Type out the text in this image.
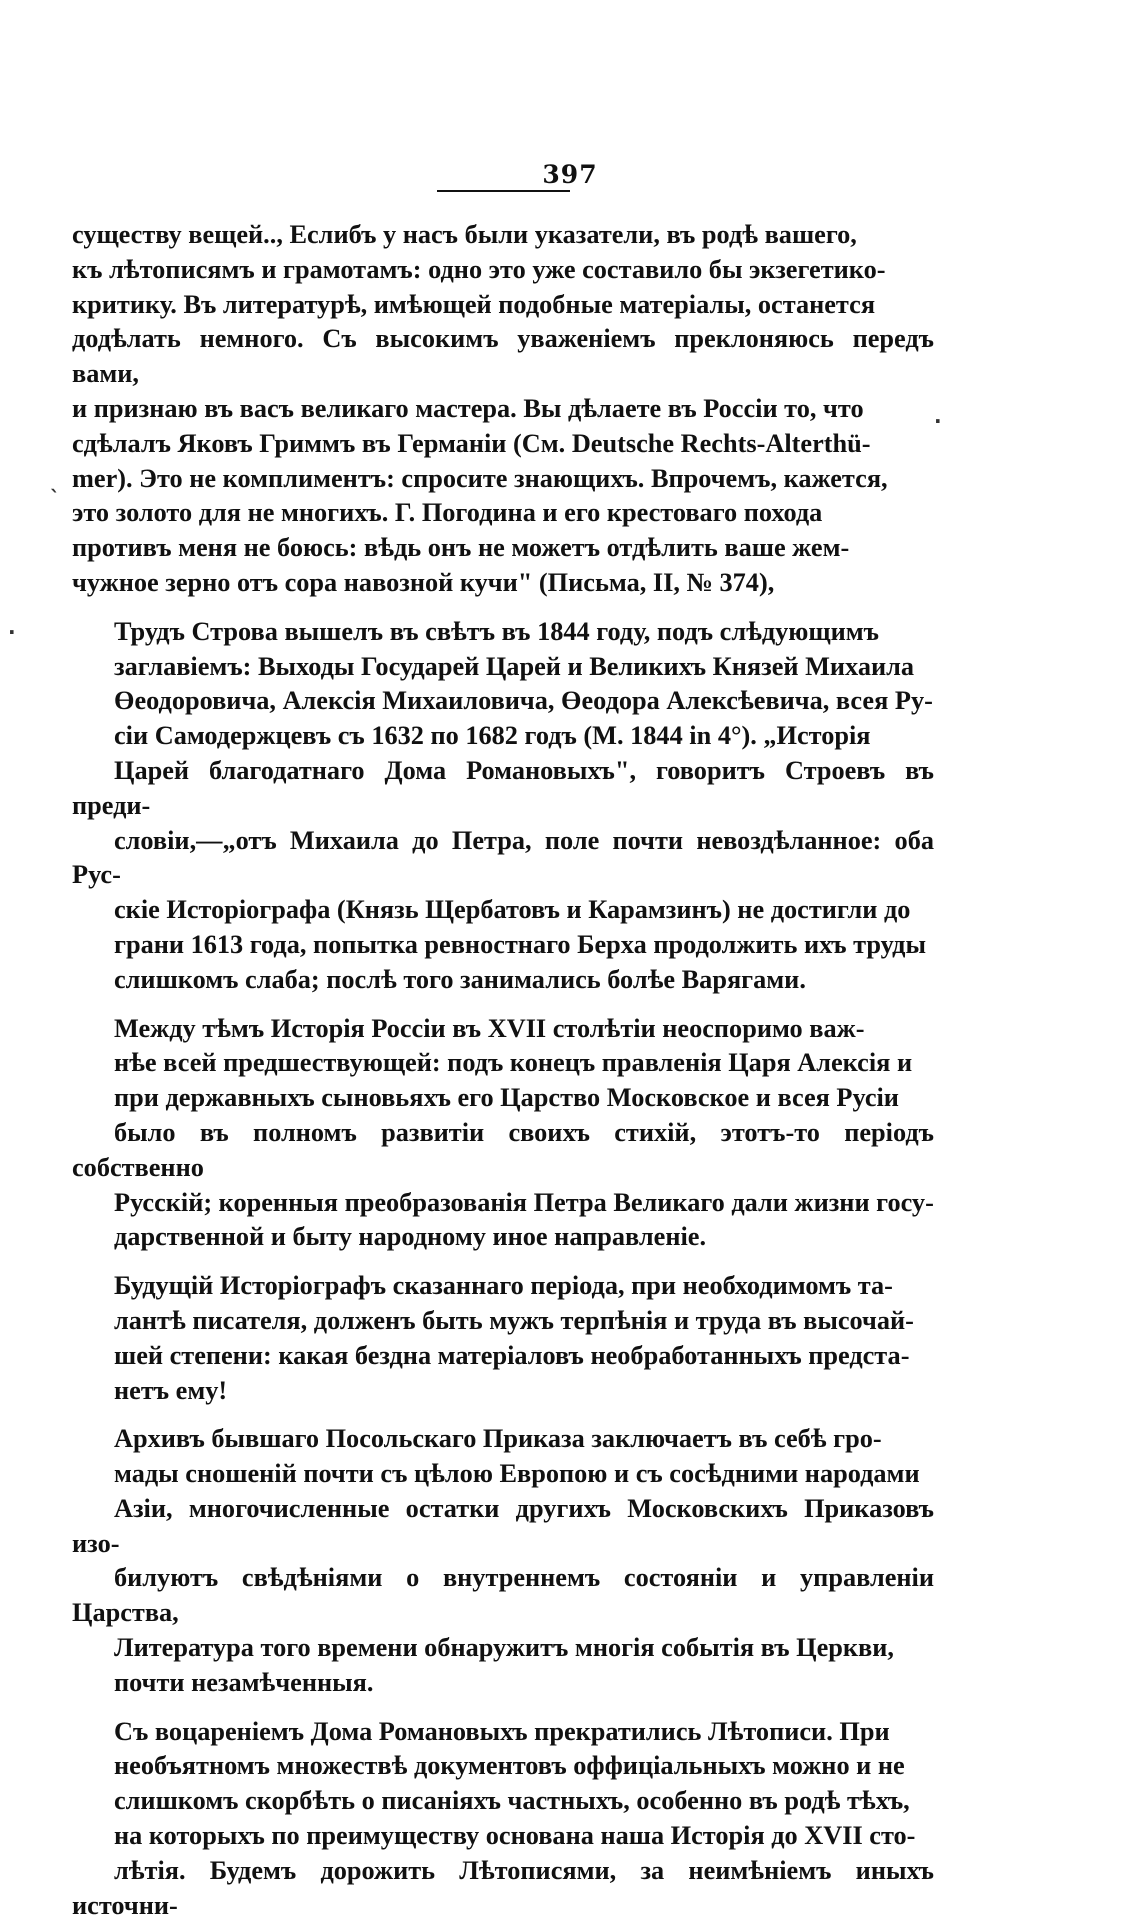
397

существу вещей.., Еслибъ у насъ были указатели, въ родѣ вашего,
къ лѣтописямъ и грамотамъ: одно это уже составило бы экзегетико-
критику. Въ литературѣ, имѣющей подобные матеріалы, останется
додѣлать немного. Съ высокимъ уваженіемъ преклоняюсь передъ вами,
и признаю въ васъ великаго мастера. Вы дѣлаете въ Россіи то, что
сдѣлалъ Яковъ Гриммъ въ Германіи (См. Deutsche Rechts-Alterthü-
mer). Это не комплиментъ: спросите знающихъ. Впрочемъ, кажется,
это золото для не многихъ. Г. Погодина и его крестоваго похода
противъ меня не боюсь: вѣдь онъ не можетъ отдѣлить ваше жем-
чужное зерно отъ сора навозной кучи" (Письма, II, № 374),

Трудъ Строва вышелъ въ свѣтъ въ 1844 году, подъ слѣдующимъ
заглавіемъ: Выходы Государей Царей и Великихъ Князей Михаила
Өеодоровича, Алексія Михаиловича, Өеодора Алексѣевича, всея Ру-
сіи Самодержцевъ съ 1632 по 1682 годъ (М. 1844 in 4°). „Исторія
Царей благодатнаго Дома Романовыхъ", говоритъ Строевъ въ преди-
словіи,—„отъ Михаила до Петра, поле почти невоздѣланное: оба Рус-
скіе Исторіографа (Князь Щербатовъ и Карамзинъ) не достигли до
грани 1613 года, попытка ревностнаго Берха продолжить ихъ труды
слишкомъ слаба; послѣ того занимались болѣе Варягами.

Между тѣмъ Исторія Россіи въ XVII столѣтіи неоспоримо важ-
нѣе всей предшествующей: подъ конецъ правленія Царя Алексія и
при державныхъ сыновьяхъ его Царство Московское и всея Русіи
было въ полномъ развитіи своихъ стихій, этотъ-то періодъ собственно
Русскій; коренныя преобразованія Петра Великаго дали жизни госу-
дарственной и быту народному иное направленіе.

Будущій Исторіографъ сказаннаго періода, при необходимомъ та-
лантѣ писателя, долженъ быть мужъ терпѣнія и труда въ высочай-
шей степени: какая бездна матеріаловъ необработанныхъ предста-
нетъ ему!

Архивъ бывшаго Посольскаго Приказа заключаетъ въ себѣ гро-
мады сношеній почти съ цѣлою Европою и съ сосѣдними народами
Азіи, многочисленные остатки другихъ Московскихъ Приказовъ изо-
билуютъ свѣдѣніями о внутреннемъ состояніи и управленіи Царства,
Литература того времени обнаружитъ многія событія въ Церкви,
почти незамѣченныя.

Съ воцареніемъ Дома Романовыхъ прекратились Лѣтописи. При
необъятномъ множествѣ документовъ оффиціальныхъ можно и не
слишкомъ скорбѣть о писаніяхъ частныхъ, особенно въ родѣ тѣхъ,
на которыхъ по преимуществу основана наша Исторія до XVII сто-
лѣтія. Будемъ дорожить Лѣтописями, за неимѣніемъ иныхъ источни-

.
ˋ
·
